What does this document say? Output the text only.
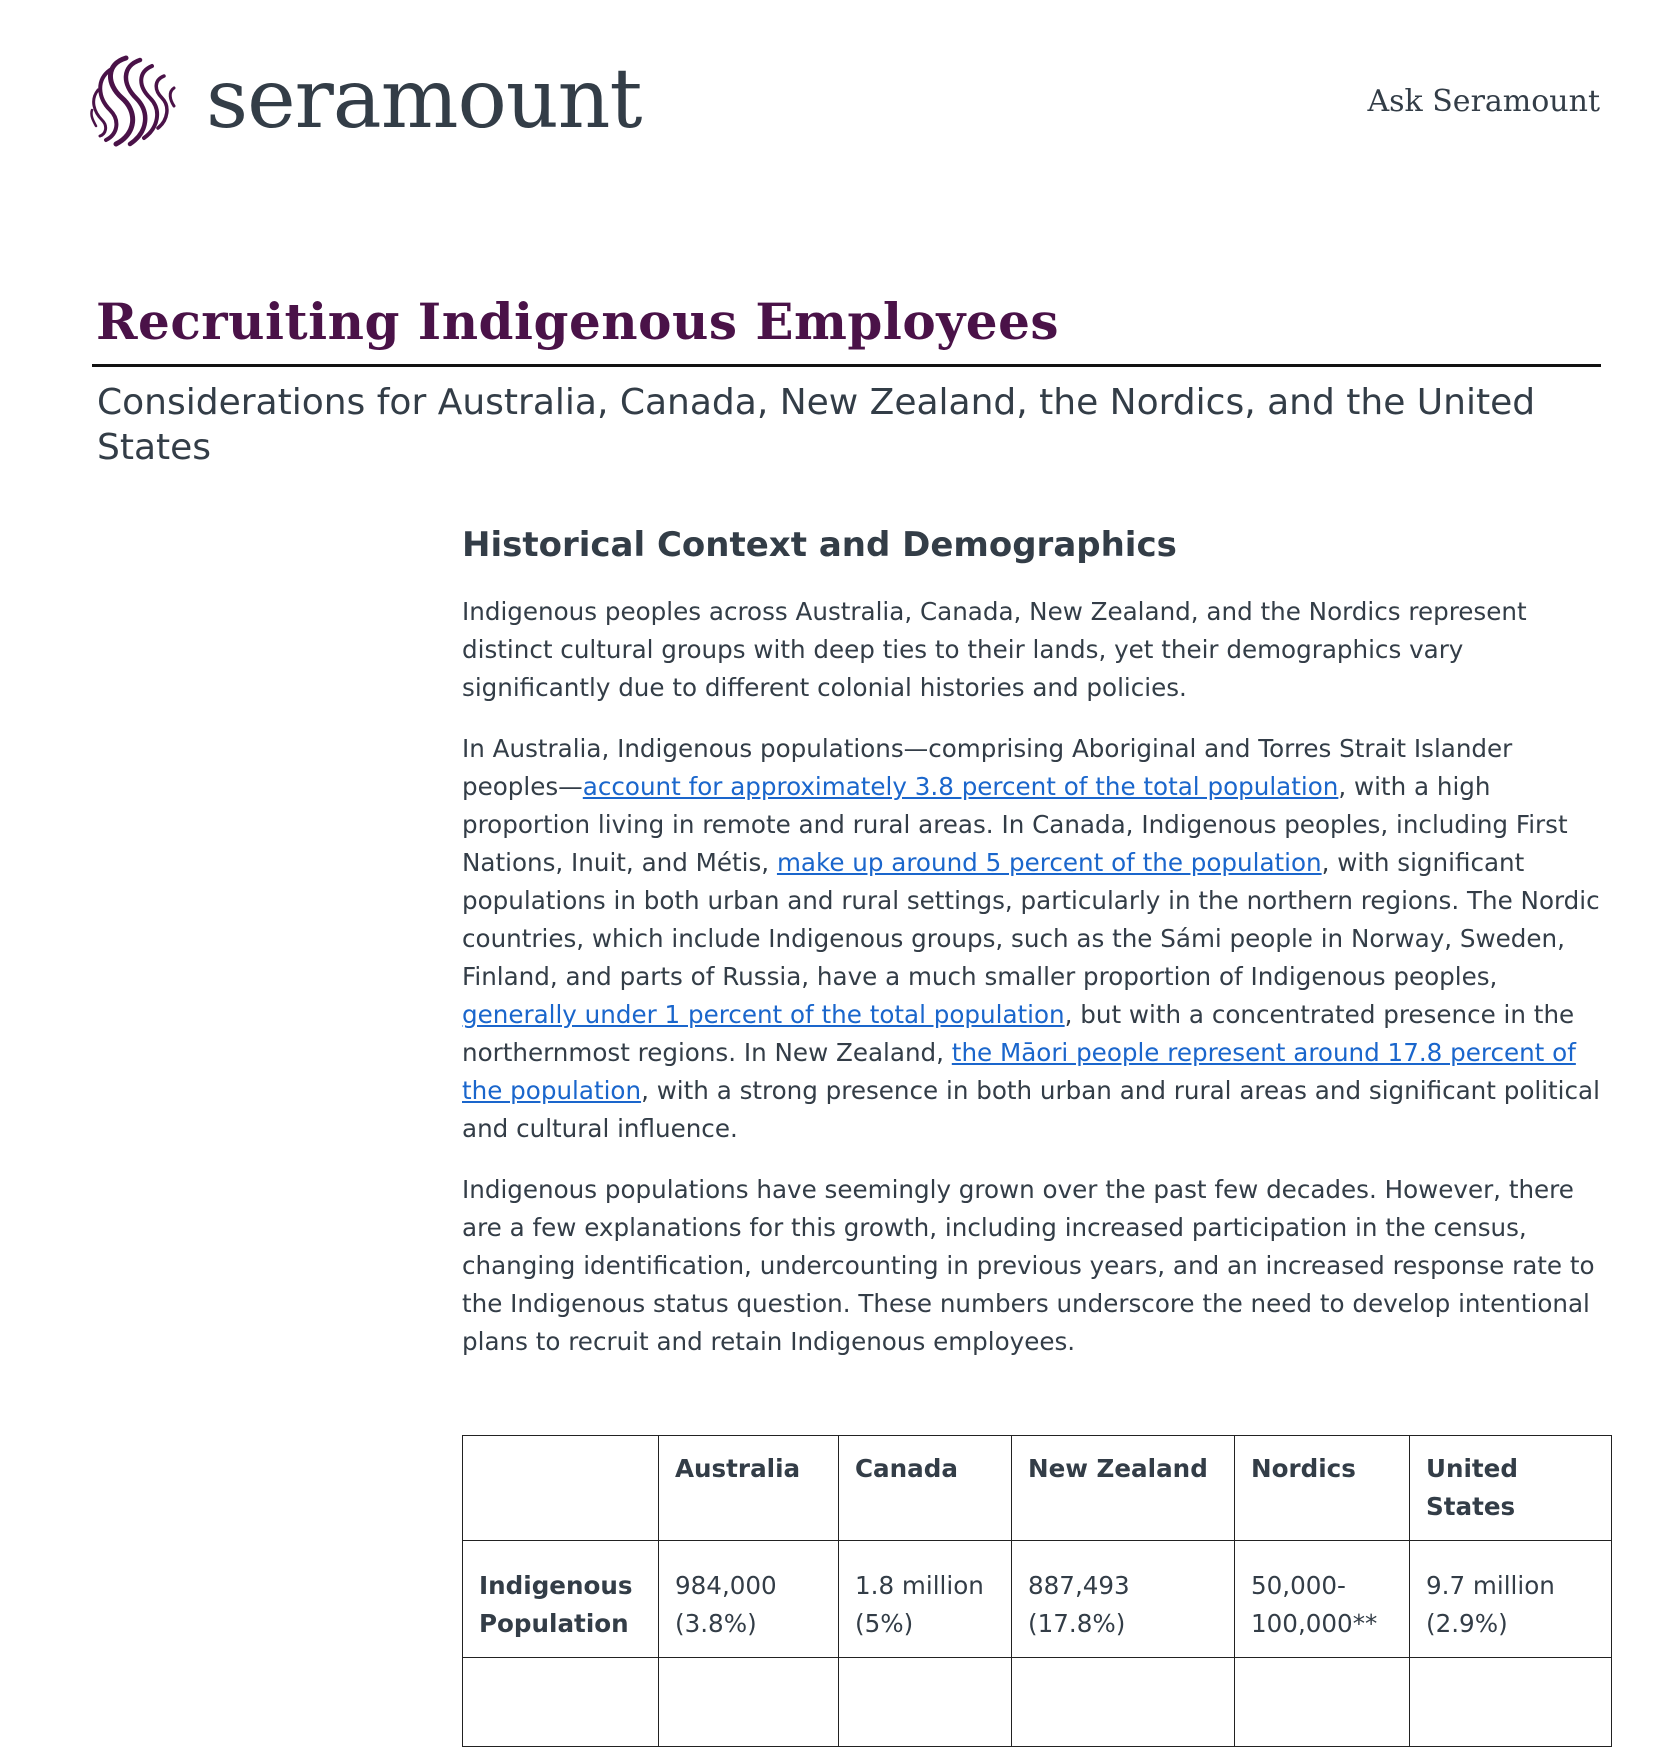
seramount	Ask Seramount
Recruiting Indigenous Employees
Considerations for Australia, Canada, New Zealand, the Nordics, and the United States
Historical Context and Demographics

Indigenous peoples across Australia, Canada, New Zealand, and the Nordics represent distinct cultural groups with deep ties to their lands, yet their demographics vary significantly due to different colonial histories and policies.

In Australia, Indigenous populations—comprising Aboriginal and Torres Strait Islander peoples—account for approximately 3.8 percent of the total population, with a high proportion living in remote and rural areas. In Canada, Indigenous peoples, including First Nations, Inuit, and Métis, make up around 5 percent of the population, with significant populations in both urban and rural settings, particularly in the northern regions. The Nordic countries, which include Indigenous groups, such as the Sámi people in Norway, Sweden, Finland, and parts of Russia, have a much smaller proportion of Indigenous peoples, generally under 1 percent of the total population, but with a concentrated presence in the northernmost regions. In New Zealand, the Māori people represent around 17.8 percent of the population, with a strong presence in both urban and rural areas and significant political and cultural influence.

Indigenous populations have seemingly grown over the past few decades. However, there are a few explanations for this growth, including increased participation in the census, changing identification, undercounting in previous years, and an increased response rate to the Indigenous status question. These numbers underscore the need to develop intentional plans to recruit and retain Indigenous employees.

	Australia	Canada	New Zealand	Nordics	United States
Indigenous Population	984,000 (3.8%)	1.8 million (5%)	887,493 (17.8%)	50,000-100,000**	9.7 million (2.9%)
